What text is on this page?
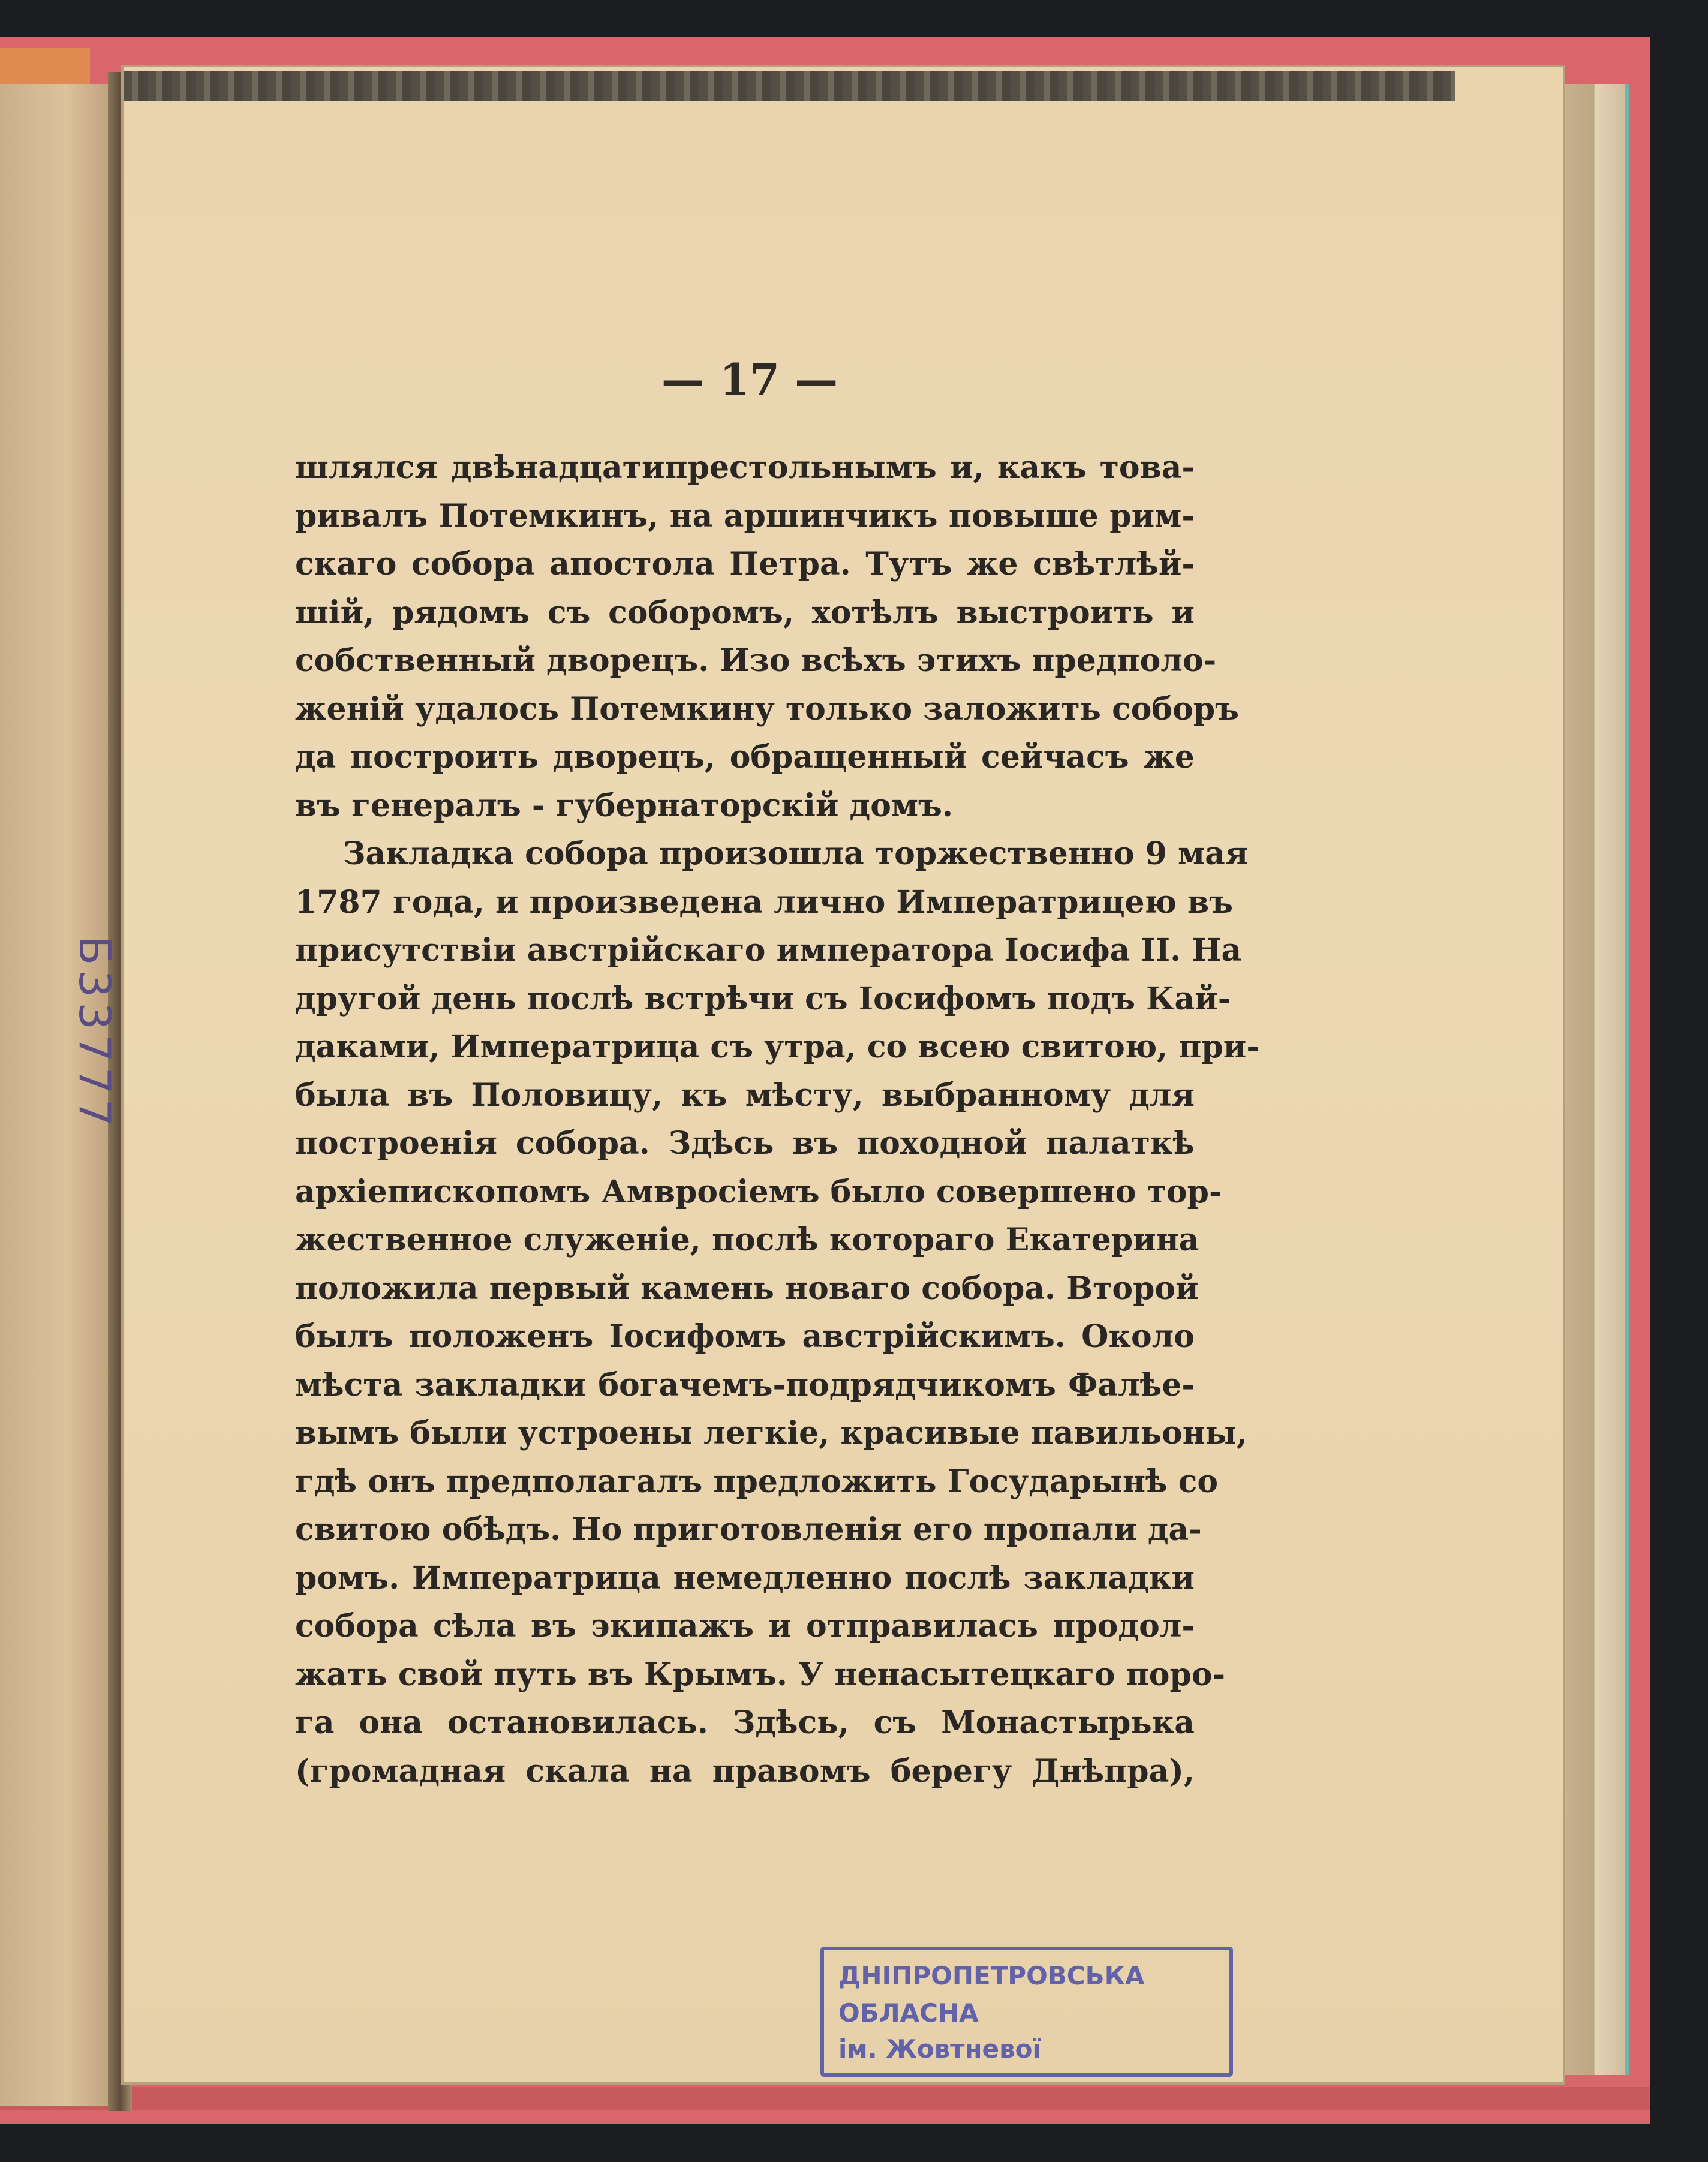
Б33777
— 17 —
шлялся двѣнадцатипрестольнымъ и, какъ това-
ривалъ Потемкинъ, на аршинчикъ повыше рим-
скаго собора апостола Петра. Тутъ же свѣтлѣй-
шій, рядомъ съ соборомъ, хотѣлъ выстроить и
собственный дворецъ. Изо всѣхъ этихъ предполо-
женій удалось Потемкину только заложить соборъ
да построить дворецъ, обращенный сейчасъ же
въ генералъ - губернаторскій домъ.
Закладка собора произошла торжественно 9 мая
1787 года, и произведена лично Императрицею въ
присутствіи австрійскаго императора Іосифа II. На
другой день послѣ встрѣчи съ Іосифомъ подъ Кай-
даками, Императрица съ утра, со всею свитою, при-
была въ Половицу, къ мѣсту, выбранному для
построенія собора. Здѣсь въ походной палаткѣ
архіепископомъ Амвросіемъ было совершено тор-
жественное служеніе, послѣ котораго Екатерина
положила первый камень новаго собора. Второй
былъ положенъ Іосифомъ австрійскимъ. Около
мѣста закладки богачемъ-подрядчикомъ Фалѣе-
вымъ были устроены легкіе, красивые павильоны,
гдѣ онъ предполагалъ предложить Государынѣ со
свитою обѣдъ. Но приготовленія его пропали да-
ромъ. Императрица немедленно послѣ закладки
собора сѣла въ экипажъ и отправилась продол-
жать свой путь въ Крымъ. У ненасытецкаго поро-
га она остановилась. Здѣсь, съ Монастырька
(громадная скала на правомъ берегу Днѣпра),
ДНІПРОПЕТРОВСЬКА
ОБЛАСНА
ім. Жовтневої
